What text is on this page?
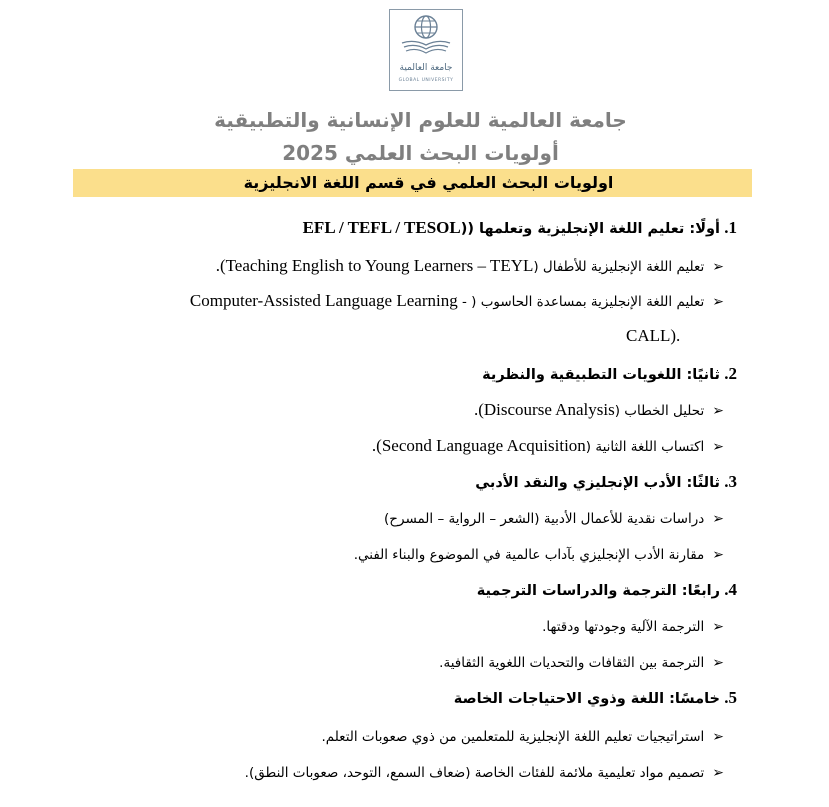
جامعة العالمية
GLOBAL UNIVERSITY
جامعة العالمية للعلوم الإنسانية والتطبيقية
أولويات البحث العلمي 2025
اولويات البحث العلمي في قسم اللغة الانجليزية
1. أولًا: تعليم اللغة الإنجليزية وتعلمها ((EFL / TEFL / TESOL
➢تعليم اللغة الإنجليزية للأطفال (Teaching English to Young Learners – TEYL).
➢تعليم اللغة الإنجليزية بمساعدة الحاسوب ( - Computer-Assisted Language Learning
CALL).
2. ثانيًا: اللغويات التطبيقية والنظرية
➢تحليل الخطاب (Discourse Analysis).
➢اكتساب اللغة الثانية (Second Language Acquisition).
3. ثالثًا: الأدب الإنجليزي والنقد الأدبي
➢دراسات نقدية للأعمال الأدبية (الشعر – الرواية – المسرح)
➢مقارنة الأدب الإنجليزي بآداب عالمية في الموضوع والبناء الفني.
4. رابعًا: الترجمة والدراسات الترجمية
➢الترجمة الآلية وجودتها ودقتها.
➢الترجمة بين الثقافات والتحديات اللغوية الثقافية.
5. خامسًا: اللغة وذوي الاحتياجات الخاصة
➢استراتيجيات تعليم اللغة الإنجليزية للمتعلمين من ذوي صعوبات التعلم.
➢تصميم مواد تعليمية ملائمة للفئات الخاصة (ضعاف السمع، التوحد، صعوبات النطق).
